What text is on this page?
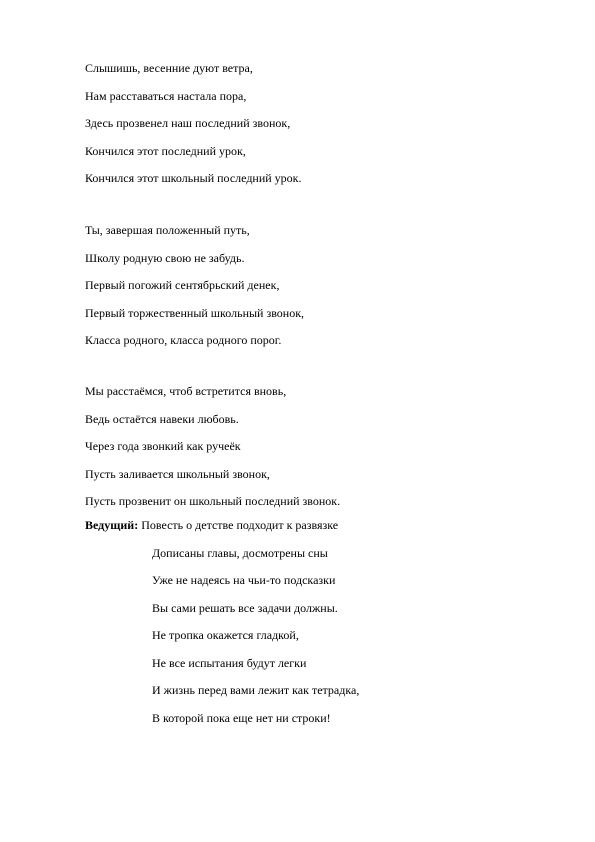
Слышишь, весенние дуют ветра,
Нам расставаться настала пора,
Здесь прозвенел наш последний звонок,
Кончился этот последний урок,
Кончился этот школьный последний урок.
Ты, завершая положенный путь,
Школу родную свою не забудь.
Первый погожий сентябрьский денек,
Первый торжественный школьный звонок,
Класса родного, класса родного порог.
Мы расстаёмся, чтоб встретится вновь,
Ведь остаётся навеки любовь.
Через года звонкий как ручеёк
Пусть заливается школьный звонок,
Пусть прозвенит он школьный последний звонок.
Ведущий: Повесть о детстве подходит к развязке
Дописаны главы, досмотрены сны
Уже не надеясь на чьи-то подсказки
Вы сами решать все задачи должны.
Не тропка окажется гладкой,
Не все испытания будут легки
И жизнь перед вами лежит как тетрадка,
В которой пока еще нет ни строки!
